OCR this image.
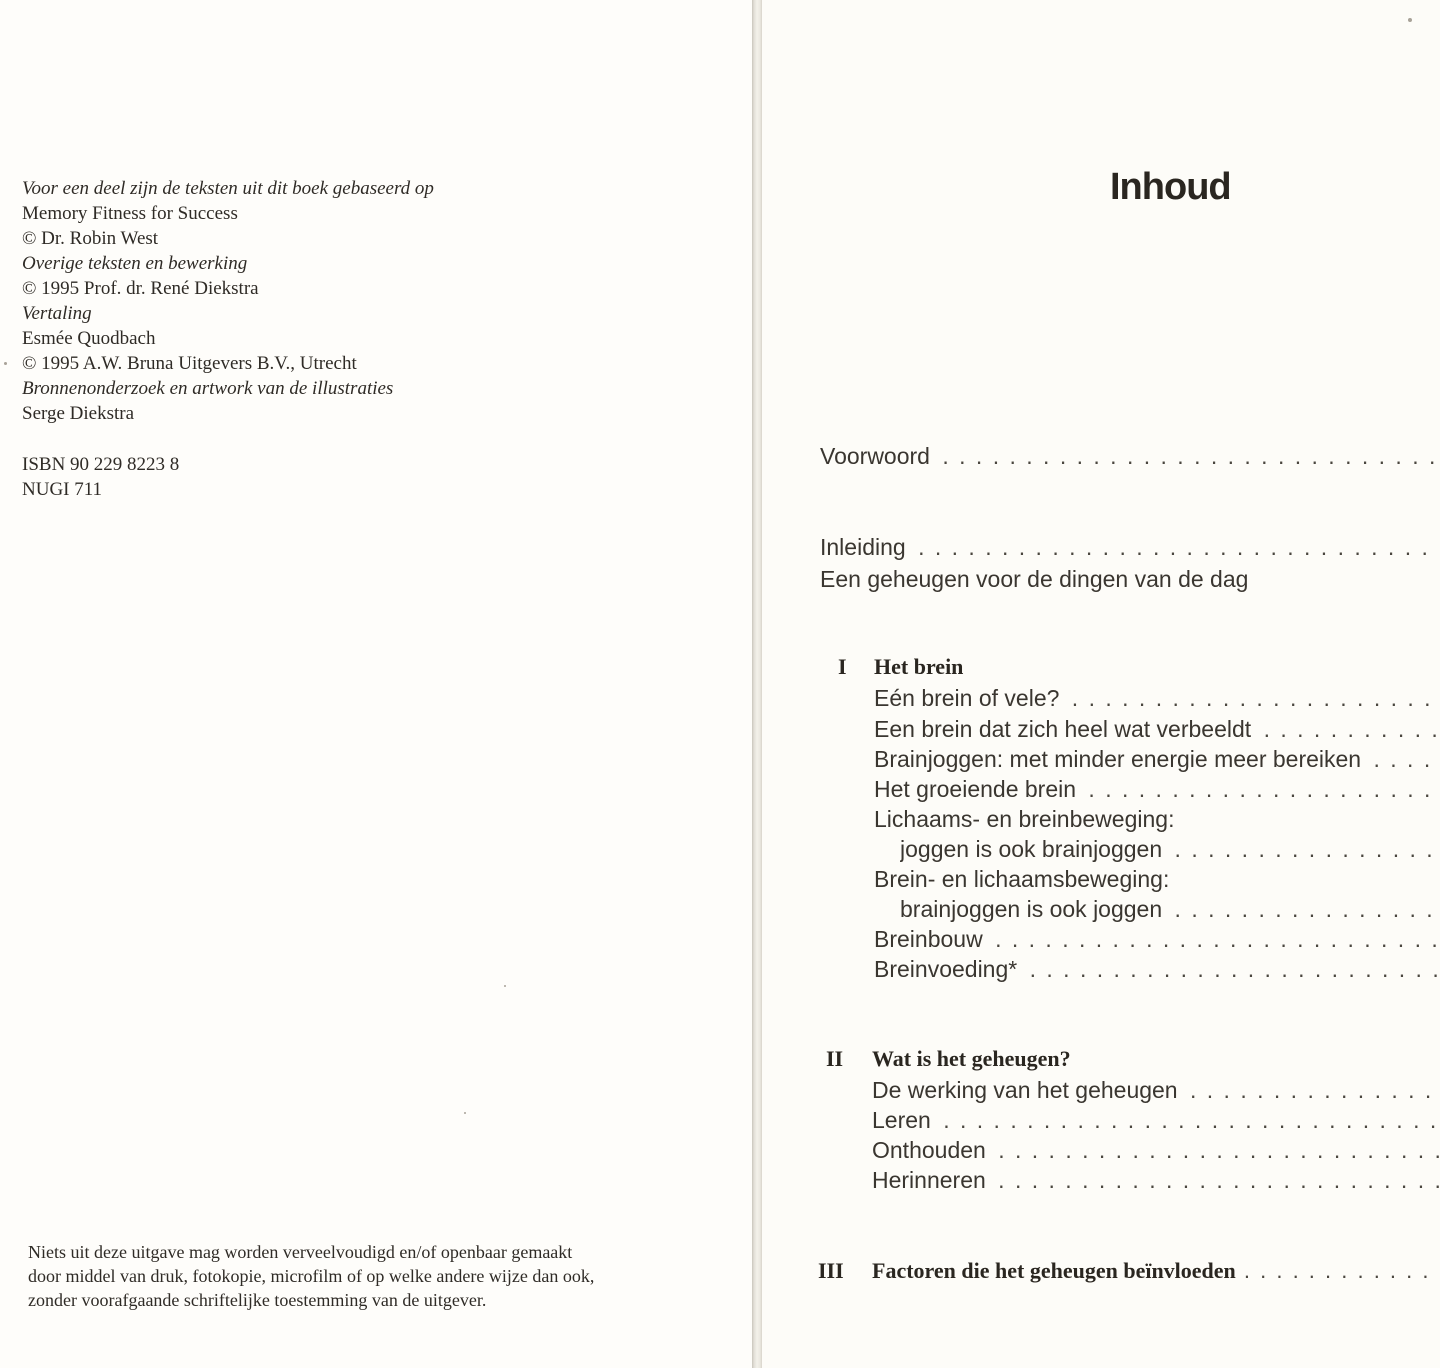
Voor een deel zijn de teksten uit dit boek gebaseerd op
Memory Fitness for Success
© Dr. Robin West
Overige teksten en bewerking
© 1995 Prof. dr. René Diekstra
Vertaling
Esmée Quodbach
© 1995 A.W. Bruna Uitgevers B.V., Utrecht
Bronnenonderzoek en artwork van de illustraties
Serge Diekstra
ISBN 90 229 8223 8
NUGI 711
Niets uit deze uitgave mag worden verveelvoudigd en/of openbaar gemaakt
door middel van druk, fotokopie, microfilm of op welke andere wijze dan ook,
zonder voorafgaande schriftelijke toestemming van de uitgever.
Inhoud
Voorwoord . . .
Inleiding . . .
Een geheugen voor de dingen van de dag
I Het brein
Eén brein of vele? . . .
Een brein dat zich heel wat verbeeldt . . .
Brainjoggen: met minder energie meer bereiken . . .
Het groeiende brein . . .
Lichaams- en breinbeweging:
joggen is ook brainjoggen . . .
Brein- en lichaamsbeweging:
brainjoggen is ook joggen . . .
Breinbouw . . .
Breinvoeding* . . .
II Wat is het geheugen?
De werking van het geheugen . . .
Leren . . .
Onthouden . . .
Herinneren . . .
III Factoren die het geheugen beïnvloeden . . .
